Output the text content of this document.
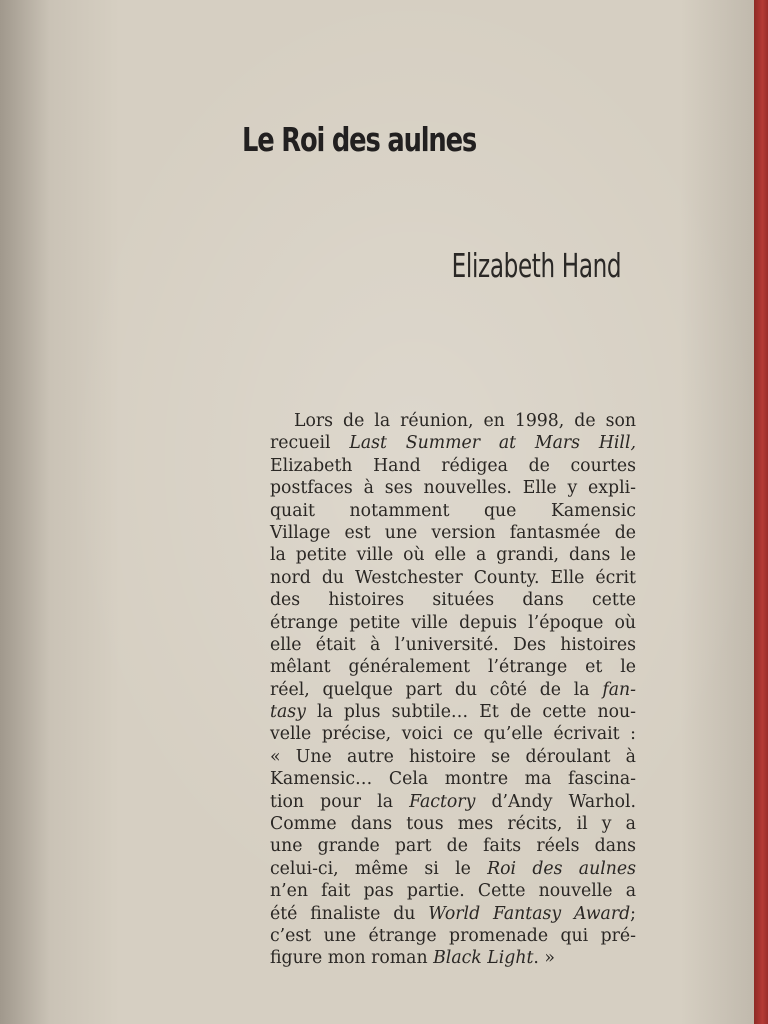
Le Roi des aulnes
Elizabeth Hand
Lors de la réunion, en 1998, de son
recueil Last Summer at Mars Hill,
Elizabeth Hand rédigea de courtes
postfaces à ses nouvelles. Elle y expli-
quait notamment que Kamensic
Village est une version fantasmée de
la petite ville où elle a grandi, dans le
nord du Westchester County. Elle écrit
des histoires situées dans cette
étrange petite ville depuis l’époque où
elle était à l’université. Des histoires
mêlant généralement l’étrange et le
réel, quelque part du côté de la fan-
tasy la plus subtile… Et de cette nou-
velle précise, voici ce qu’elle écrivait :
« Une autre histoire se déroulant à
Kamensic… Cela montre ma fascina-
tion pour la Factory d’Andy Warhol.
Comme dans tous mes récits, il y a
une grande part de faits réels dans
celui-ci, même si le Roi des aulnes
n’en fait pas partie. Cette nouvelle a
été finaliste du World Fantasy Award;
c’est une étrange promenade qui pré-
figure mon roman Black Light. »
